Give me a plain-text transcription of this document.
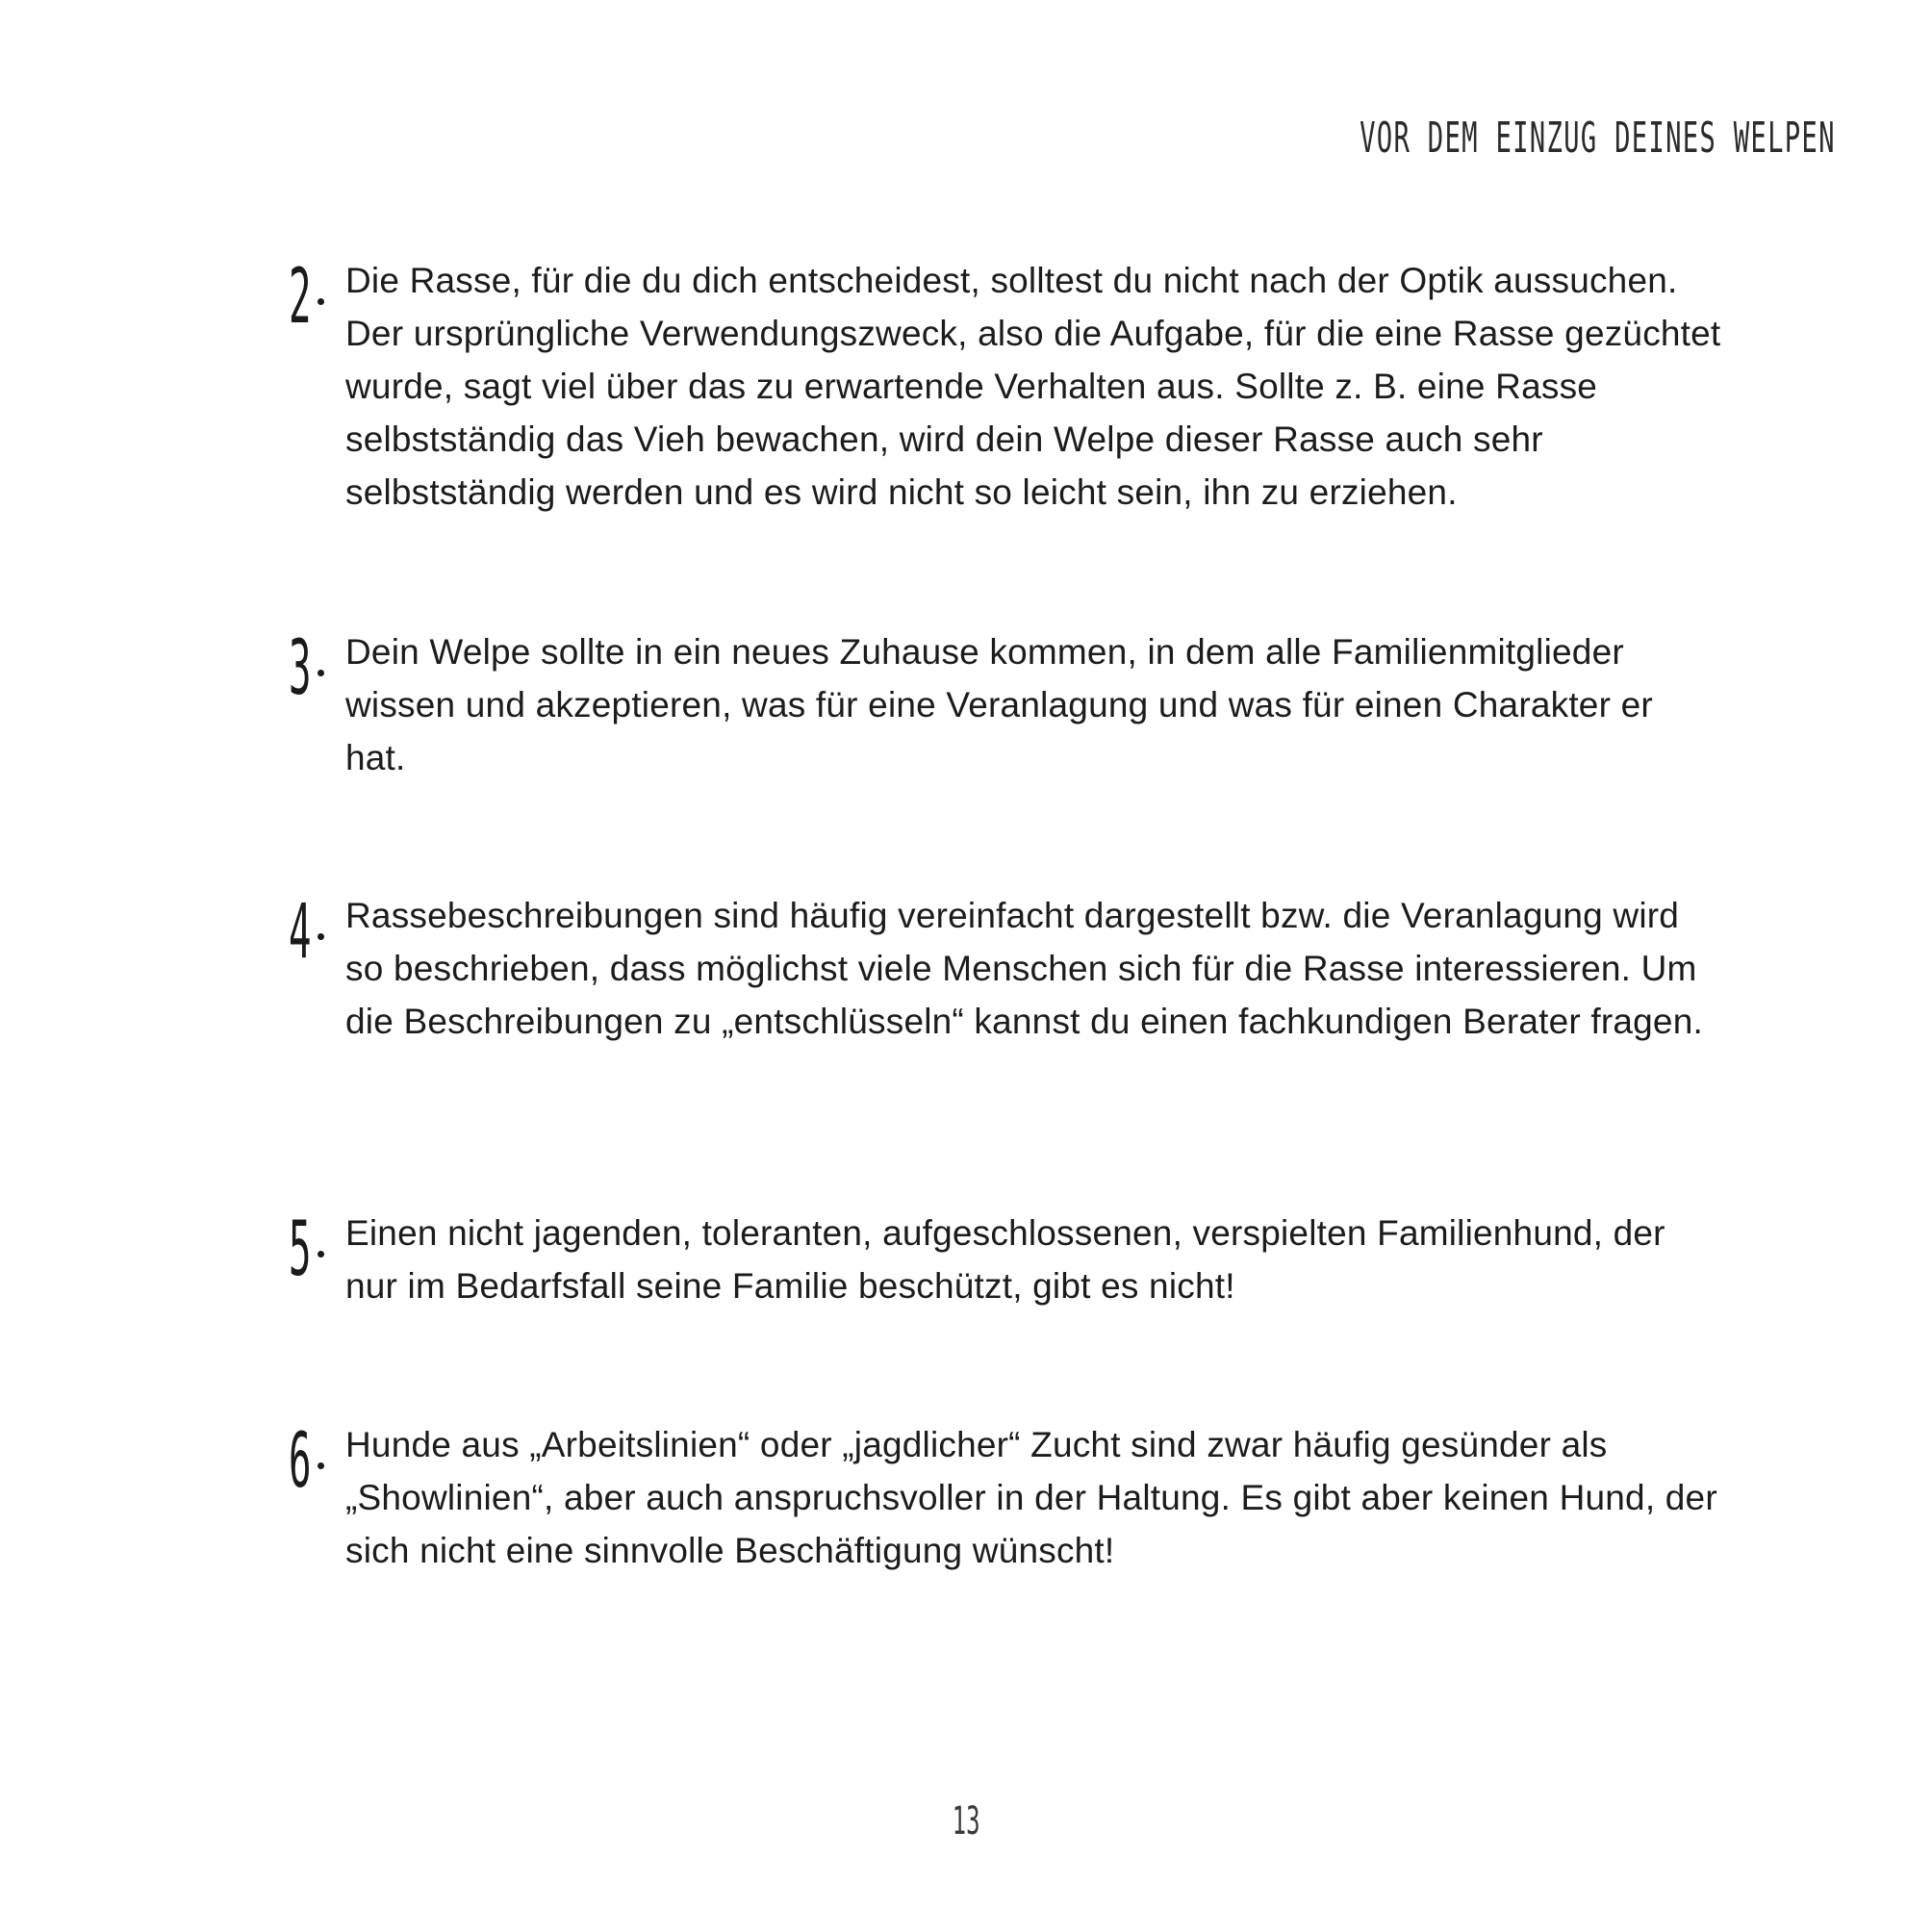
VOR DEM EINZUG DEINES WELPEN
2 Die Rasse, für die du dich entscheidest, solltest du nicht nach der Optik aussuchen. Der ursprüngliche Verwendungszweck, also die Aufgabe, für die eine Rasse gezüchtet wurde, sagt viel über das zu erwartende Verhalten aus. Sollte z. B. eine Rasse selbstständig das Vieh bewachen, wird dein Welpe dieser Rasse auch sehr selbstständig werden und es wird nicht so leicht sein, ihn zu erziehen.

3 Dein Welpe sollte in ein neues Zuhause kommen, in dem alle Familienmitglieder wissen und akzeptieren, was für eine Veranlagung und was für einen Charakter er hat.

4 Rassebeschreibungen sind häufig vereinfacht dargestellt bzw. die Veranlagung wird so beschrieben, dass möglichst viele Menschen sich für die Rasse interessieren. Um die Beschreibungen zu „entschlüsseln“ kannst du einen fachkundigen Berater fragen.

5 Einen nicht jagenden, toleranten, aufgeschlossenen, verspielten Familienhund, der nur im Bedarfsfall seine Familie beschützt, gibt es nicht!

6 Hunde aus „Arbeitslinien“ oder „jagdlicher“ Zucht sind zwar häufig gesünder als „Showlinien“, aber auch anspruchsvoller in der Haltung. Es gibt aber keinen Hund, der sich nicht eine sinnvolle Beschäftigung wünscht!

13
